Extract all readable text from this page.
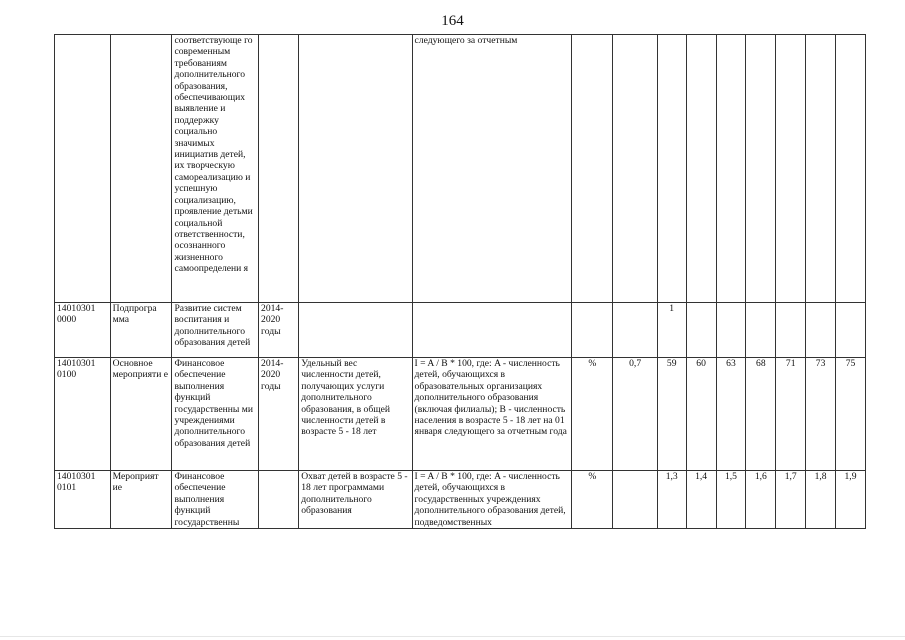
164
		соответствующе го современным требованиям дополнительного образования, обеспечивающих выявление и поддержку социально значимых инициатив детей, их творческую самореализацию и успешную социализацию, проявление детьми социальной ответственности, осознанного жизненного самоопределени я			следующего за отчетным									
14010301 0000	Подпрогра мма	Развитие систем воспитания и дополнительного образования детей	2014- 2020 годы					1						
14010301 0100	Основное мероприяти е	Финансовое обеспечение выполнения функций государственны ми учреждениями дополнительного образования детей	2014- 2020 годы	Удельный вес численности детей, получающих услуги дополнительного образования, в общей численности детей в возрасте 5 - 18 лет	I = A / B * 100, где: A - численность детей, обучающихся в образовательных организациях дополнительного образования (включая филиалы); B - численность населения в возрасте 5 - 18 лет на 01 января следующего за отчетным года	%	0,7	59	60	63	68	71	73	75
14010301 0101	Мероприят ие	Финансовое обеспечение выполнения функций государственны		Охват детей в возрасте 5 - 18 лет программами дополнительного образования	I = A / B * 100, где: A - численность детей, обучающихся в государственных учреждениях дополнительного образования детей, подведомственных	%		1,3	1,4	1,5	1,6	1,7	1,8	1,9
